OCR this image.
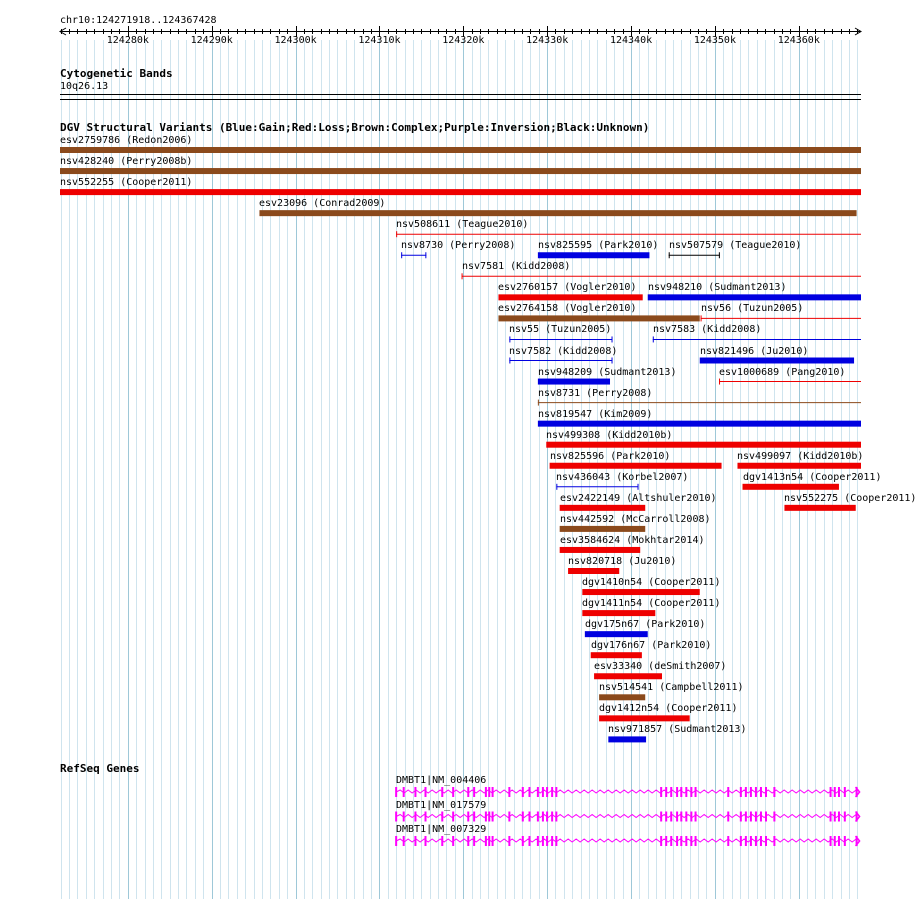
chr10:124271918..124367428
124280k	124290k	124300k	124310k	124320k	124330k	124340k	124350k	124360k
Cytogenetic Bands
10q26.13
DGV Structural Variants (Blue:Gain;Red:Loss;Brown:Complex;Purple:Inversion;Black:Unknown)
esv2759786 (Redon2006)
nsv428240 (Perry2008b)
nsv552255 (Cooper2011)
esv23096 (Conrad2009)
nsv508611 (Teague2010)
nsv8730 (Perry2008) nsv825595 (Park2010) nsv507579 (Teague2010)
nsv7581 (Kidd2008)
esv2760157 (Vogler2010) nsv948210 (Sudmant2013)
esv2764158 (Vogler2010)	nsv56 (Tuzun2005)
nsv55 (Tuzun2005)	nsv7583 (Kidd2008)
nsv7582 (Kidd2008)	nsv821496 (Ju2010)
nsv948209 (Sudmant2013)	esv1000689 (Pang2010)
nsv8731 (Perry2008)
nsv819547 (Kim2009)
nsv499308 (Kidd2010b)
nsv825596 (Park2010)	nsv499097 (Kidd2010b)
nsv436043 (Korbel2007)	dgv1413n54 (Cooper2011)
esv2422149 (Altshuler2010)	nsv552275 (Cooper2011)
nsv442592 (McCarroll2008)
esv3584624 (Mokhtar2014)
nsv820718 (Ju2010)
dgv1410n54 (Cooper2011)
dgv1411n54 (Cooper2011)
dgv175n67 (Park2010)
dgv176n67 (Park2010)
esv33340 (deSmith2007)
nsv514541 (Campbell2011)
dgv1412n54 (Cooper2011)
nsv971857 (Sudmant2013)
RefSeq Genes
DMBT1|NM_004406
DMBT1|NM_017579
DMBT1|NM_007329
